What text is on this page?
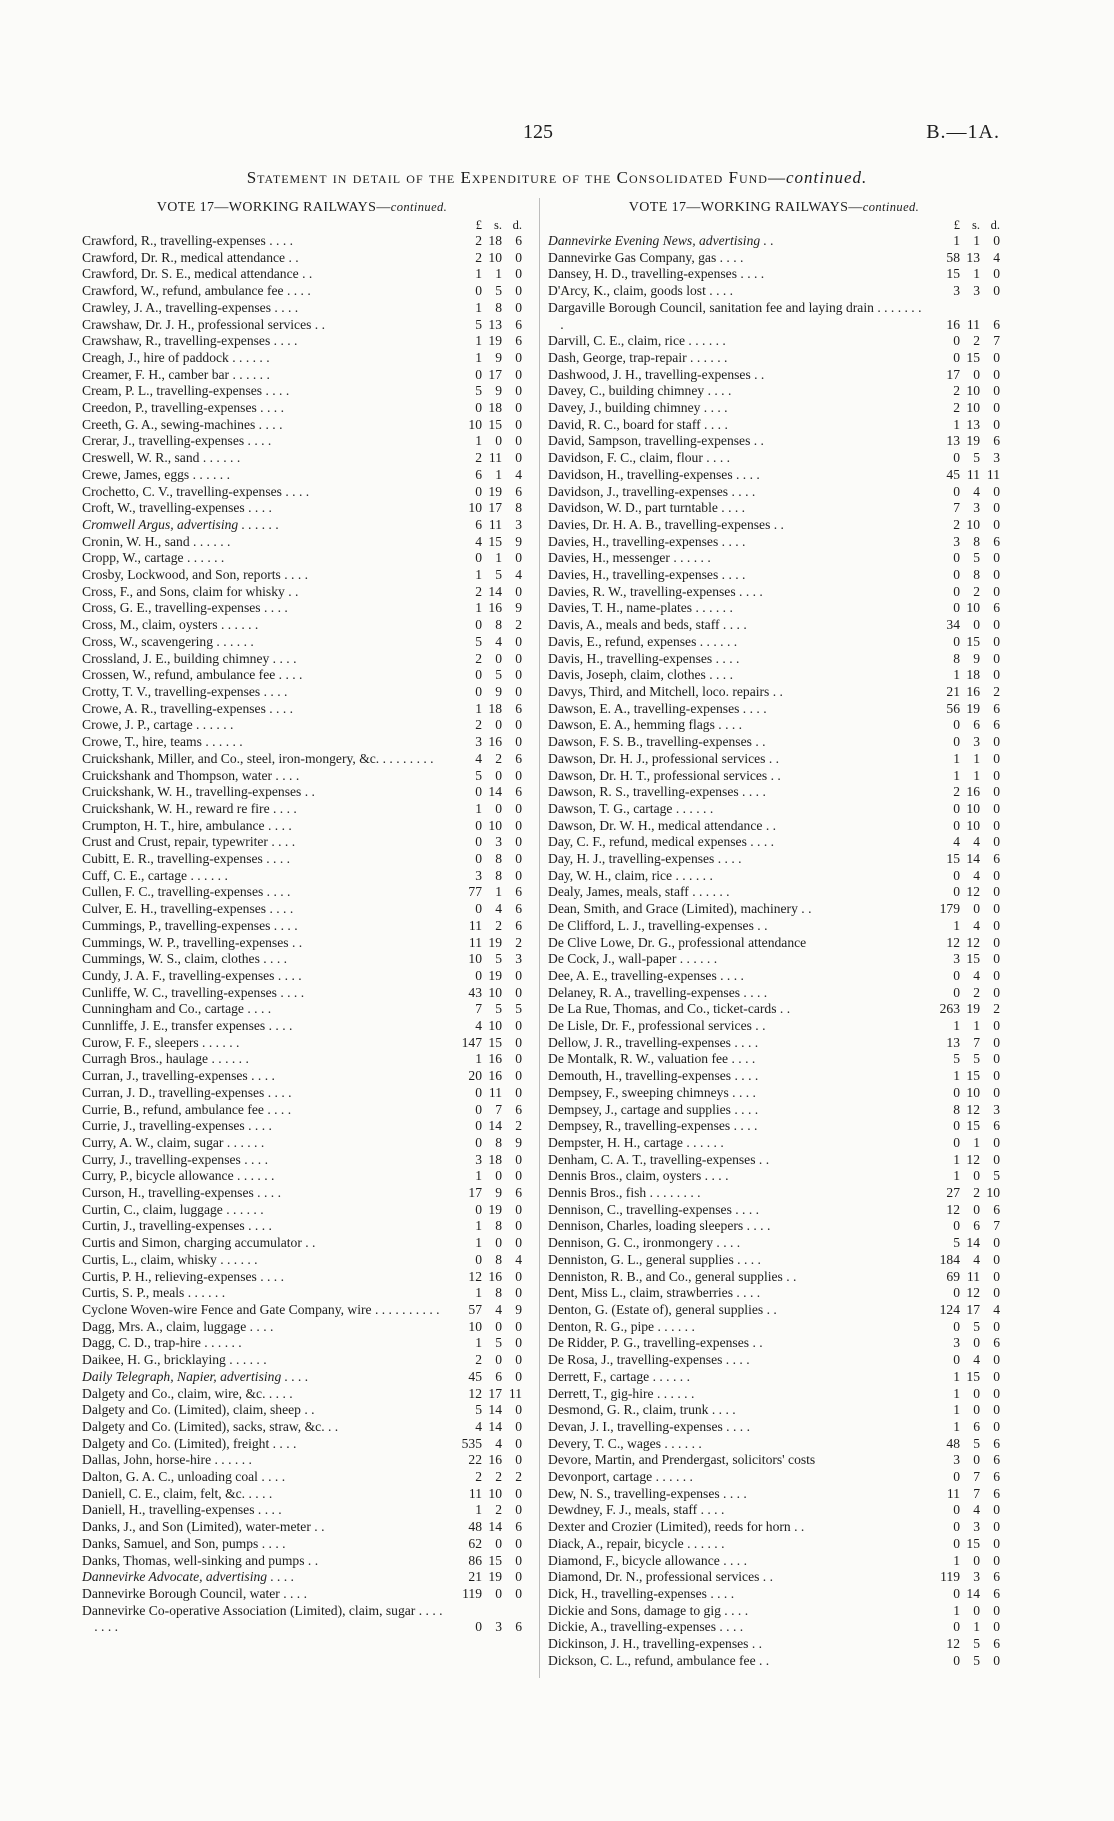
125	B.—1A.
Statement in detail of the Expenditure of the Consolidated Fund—continued.
VOTE 17—WORKING RAILWAYS—continued.
£ s. d.
Crawford, R., travelling-expenses . . . .	2 18 6
Crawford, Dr. R., medical attendance . .	2 10 0
Crawford, Dr. S. E., medical attendance . .	1 1 0
Crawford, W., refund, ambulance fee . . . .	0 5 0
Crawley, J. A., travelling-expenses . . . .	1 8 0
Crawshaw, Dr. J. H., professional services . .	5 13 6
Crawshaw, R., travelling-expenses . . . .	1 19 6
Creagh, J., hire of paddock . . . . . .	1 9 0
Creamer, F. H., camber bar . . . . . .	0 17 0
Cream, P. L., travelling-expenses . . . .	5 9 0
Creedon, P., travelling-expenses . . . .	0 18 0
Creeth, G. A., sewing-machines . . . .	10 15 0
Crerar, J., travelling-expenses . . . .	1 0 0
Creswell, W. R., sand . . . . . .	2 11 0
Crewe, James, eggs . . . . . .	6 1 4
Crochetto, C. V., travelling-expenses . . . .	0 19 6
Croft, W., travelling-expenses . . . .	10 17 8
Cromwell Argus, advertising . . . . . .	6 11 3
Cronin, W. H., sand . . . . . .	4 15 9
Cropp, W., cartage . . . . . .	0 1 0
Crosby, Lockwood, and Son, reports . . . .	1 5 4
Cross, F., and Sons, claim for whisky . .	2 14 0
Cross, G. E., travelling-expenses . . . .	1 16 9
Cross, M., claim, oysters . . . . . .	0 8 2
Cross, W., scavengering . . . . . .	5 4 0
Crossland, J. E., building chimney . . . .	2 0 0
Crossen, W., refund, ambulance fee . . . .	0 5 0
Crotty, T. V., travelling-expenses . . . .	0 9 0
Crowe, A. R., travelling-expenses . . . .	1 18 6
Crowe, J. P., cartage . . . . . .	2 0 0
Crowe, T., hire, teams . . . . . .	3 16 0
Cruickshank, Miller, and Co., steel, iron-mongery, &c. . . . . . . . .	4 2 6
Cruickshank and Thompson, water . . . .	5 0 0
Cruickshank, W. H., travelling-expenses . .	0 14 6
Cruickshank, W. H., reward re fire . . . .	1 0 0
Crumpton, H. T., hire, ambulance . . . .	0 10 0
Crust and Crust, repair, typewriter . . . .	0 3 0
Cubitt, E. R., travelling-expenses . . . .	0 8 0
Cuff, C. E., cartage . . . . . .	3 8 0
Cullen, F. C., travelling-expenses . . . .	77 1 6
Culver, E. H., travelling-expenses . . . .	0 4 6
Cummings, P., travelling-expenses . . . .	11 2 6
Cummings, W. P., travelling-expenses . .	11 19 2
Cummings, W. S., claim, clothes . . . .	10 5 3
Cundy, J. A. F., travelling-expenses . . . .	0 19 0
Cunliffe, W. C., travelling-expenses . . . .	43 10 0
Cunningham and Co., cartage . . . .	7 5 5
Cunnliffe, J. E., transfer expenses . . . .	4 10 0
Curow, F. F., sleepers . . . . . .	147 15 0
Curragh Bros., haulage . . . . . .	1 16 0
Curran, J., travelling-expenses . . . .	20 16 0
Curran, J. D., travelling-expenses . . . .	0 11 0
Currie, B., refund, ambulance fee . . . .	0 7 6
Currie, J., travelling-expenses . . . .	0 14 2
Curry, A. W., claim, sugar . . . . . .	0 8 9
Curry, J., travelling-expenses . . . .	3 18 0
Curry, P., bicycle allowance . . . . . .	1 0 0
Curson, H., travelling-expenses . . . .	17 9 6
Curtin, C., claim, luggage . . . . . .	0 19 0
Curtin, J., travelling-expenses . . . .	1 8 0
Curtis and Simon, charging accumulator . .	1 0 0
Curtis, L., claim, whisky . . . . . .	0 8 4
Curtis, P. H., relieving-expenses . . . .	12 16 0
Curtis, S. P., meals . . . . . .	1 8 0
Cyclone Woven-wire Fence and Gate Company, wire . . . . . . . . . .	57 4 9
Dagg, Mrs. A., claim, luggage . . . .	10 0 0
Dagg, C. D., trap-hire . . . . . .	1 5 0
Daikee, H. G., bricklaying . . . . . .	2 0 0
Daily Telegraph, Napier, advertising . . . .	45 6 0
Dalgety and Co., claim, wire, &c. . . . .	12 17 11
Dalgety and Co. (Limited), claim, sheep . .	5 14 0
Dalgety and Co. (Limited), sacks, straw, &c. . .	4 14 0
Dalgety and Co. (Limited), freight . . . .	535 4 0
Dallas, John, horse-hire . . . . . .	22 16 0
Dalton, G. A. C., unloading coal . . . .	2 2 2
Daniell, C. E., claim, felt, &c. . . . .	11 10 0
Daniell, H., travelling-expenses . . . .	1 2 0
Danks, J., and Son (Limited), water-meter . .	48 14 6
Danks, Samuel, and Son, pumps . . . .	62 0 0
Danks, Thomas, well-sinking and pumps . .	86 15 0
Dannevirke Advocate, advertising . . . .	21 19 0
Dannevirke Borough Council, water . . . .	119 0 0
Dannevirke Co-operative Association (Limited), claim, sugar . . . . . . . .	0 3 6
VOTE 17—WORKING RAILWAYS—continued.
£ s. d.
Dannevirke Evening News, advertising . .	1 1 0
Dannevirke Gas Company, gas . . . .	58 13 4
Dansey, H. D., travelling-expenses . . . .	15 1 0
D'Arcy, K., claim, goods lost . . . .	3 3 0
Dargaville Borough Council, sanitation fee and laying drain . . . . . . . .	16 11 6
Darvill, C. E., claim, rice . . . . . .	0 2 7
Dash, George, trap-repair . . . . . .	0 15 0
Dashwood, J. H., travelling-expenses . .	17 0 0
Davey, C., building chimney . . . .	2 10 0
Davey, J., building chimney . . . .	2 10 0
David, R. C., board for staff . . . .	1 13 0
David, Sampson, travelling-expenses . .	13 19 6
Davidson, F. C., claim, flour . . . .	0 5 3
Davidson, H., travelling-expenses . . . .	45 11 11
Davidson, J., travelling-expenses . . . .	0 4 0
Davidson, W. D., part turntable . . . .	7 3 0
Davies, Dr. H. A. B., travelling-expenses . .	2 10 0
Davies, H., travelling-expenses . . . .	3 8 6
Davies, H., messenger . . . . . .	0 5 0
Davies, H., travelling-expenses . . . .	0 8 0
Davies, R. W., travelling-expenses . . . .	0 2 0
Davies, T. H., name-plates . . . . . .	0 10 6
Davis, A., meals and beds, staff . . . .	34 0 0
Davis, E., refund, expenses . . . . . .	0 15 0
Davis, H., travelling-expenses . . . .	8 9 0
Davis, Joseph, claim, clothes . . . .	1 18 0
Davys, Third, and Mitchell, loco. repairs . .	21 16 2
Dawson, E. A., travelling-expenses . . . .	56 19 6
Dawson, E. A., hemming flags . . . .	0 6 6
Dawson, F. S. B., travelling-expenses . .	0 3 0
Dawson, Dr. H. J., professional services . .	1 1 0
Dawson, Dr. H. T., professional services . .	1 1 0
Dawson, R. S., travelling-expenses . . . .	2 16 0
Dawson, T. G., cartage . . . . . .	0 10 0
Dawson, Dr. W. H., medical attendance . .	0 10 0
Day, C. F., refund, medical expenses . . . .	4 4 0
Day, H. J., travelling-expenses . . . .	15 14 6
Day, W. H., claim, rice . . . . . .	0 4 0
Dealy, James, meals, staff . . . . . .	0 12 0
Dean, Smith, and Grace (Limited), machinery . .	179 0 0
De Clifford, L. J., travelling-expenses . .	1 4 0
De Clive Lowe, Dr. G., professional attendance	12 12 0
De Cock, J., wall-paper . . . . . .	3 15 0
Dee, A. E., travelling-expenses . . . .	0 4 0
Delaney, R. A., travelling-expenses . . . .	0 2 0
De La Rue, Thomas, and Co., ticket-cards . .	263 19 2
De Lisle, Dr. F., professional services . .	1 1 0
Dellow, J. R., travelling-expenses . . . .	13 7 0
De Montalk, R. W., valuation fee . . . .	5 5 0
Demouth, H., travelling-expenses . . . .	1 15 0
Dempsey, F., sweeping chimneys . . . .	0 10 0
Dempsey, J., cartage and supplies . . . .	8 12 3
Dempsey, R., travelling-expenses . . . .	0 15 6
Dempster, H. H., cartage . . . . . .	0 1 0
Denham, C. A. T., travelling-expenses . .	1 12 0
Dennis Bros., claim, oysters . . . .	1 0 5
Dennis Bros., fish . . . . . . . .	27 2 10
Dennison, C., travelling-expenses . . . .	12 0 6
Dennison, Charles, loading sleepers . . . .	0 6 7
Dennison, G. C., ironmongery . . . .	5 14 0
Denniston, G. L., general supplies . . . .	184 4 0
Denniston, R. B., and Co., general supplies . .	69 11 0
Dent, Miss L., claim, strawberries . . . .	0 12 0
Denton, G. (Estate of), general supplies . .	124 17 4
Denton, R. G., pipe . . . . . .	0 5 0
De Ridder, P. G., travelling-expenses . .	3 0 6
De Rosa, J., travelling-expenses . . . .	0 4 0
Derrett, F., cartage . . . . . .	1 15 0
Derrett, T., gig-hire . . . . . .	1 0 0
Desmond, G. R., claim, trunk . . . .	1 0 0
Devan, J. I., travelling-expenses . . . .	1 6 0
Devery, T. C., wages . . . . . .	48 5 6
Devore, Martin, and Prendergast, solicitors' costs	3 0 6
Devonport, cartage . . . . . .	0 7 6
Dew, N. S., travelling-expenses . . . .	11 7 6
Dewdney, F. J., meals, staff . . . .	0 4 0
Dexter and Crozier (Limited), reeds for horn . .	0 3 0
Diack, A., repair, bicycle . . . . . .	0 15 0
Diamond, F., bicycle allowance . . . .	1 0 0
Diamond, Dr. N., professional services . .	119 3 6
Dick, H., travelling-expenses . . . .	0 14 6
Dickie and Sons, damage to gig . . . .	1 0 0
Dickie, A., travelling-expenses . . . .	0 1 0
Dickinson, J. H., travelling-expenses . .	12 5 6
Dickson, C. L., refund, ambulance fee . .	0 5 0
